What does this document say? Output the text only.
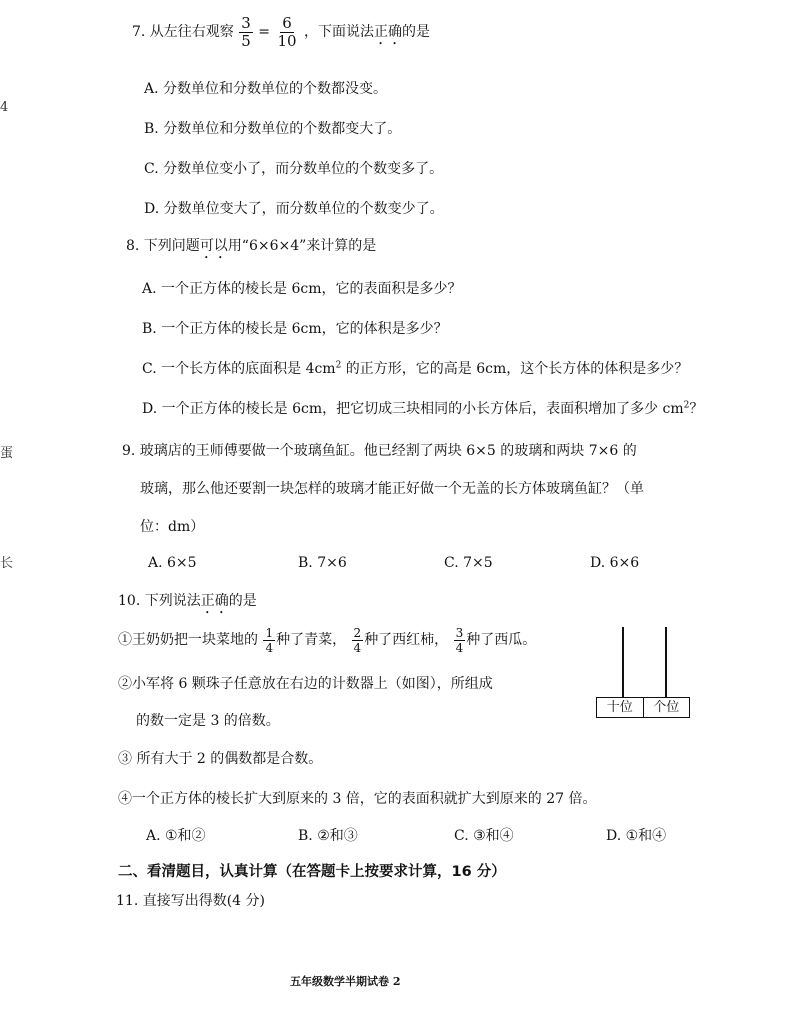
4
蛋
长
7. 从左往右观察 $\frac{3}{5} = \frac{6}{10}$ ，下面说法正确的是
A. 分数单位和分数单位的个数都没变。
B. 分数单位和分数单位的个数都变大了。
C. 分数单位变小了，而分数单位的个数变多了。
D. 分数单位变大了，而分数单位的个数变少了。
8. 下列问题可以用“6×6×4”来计算的是
A. 一个正方体的棱长是 6cm，它的表面积是多少？
B. 一个正方体的棱长是 6cm，它的体积是多少？
C. 一个长方体的底面积是 $4cm^2$ 的正方形，它的高是 6cm，这个长方体的体积是多少？
D. 一个正方体的棱长是 6cm，把它切成三块相同的小长方体后，表面积增加了多少 $cm^2$？
9. 玻璃店的王师傅要做一个玻璃鱼缸。他已经割了两块 6×5 的玻璃和两块 7×6 的
玻璃，那么他还要割一块怎样的玻璃才能正好做一个无盖的长方体玻璃鱼缸？（单
位：dm）
A. 6×5	B. 7×6	C. 7×5	D. 6×6
10. 下列说法正确的是
①王奶奶把一块菜地的 $\frac{1}{4}$ 种了青菜， $\frac{2}{4}$ 种了西红柿， $\frac{3}{4}$ 种了西瓜。
②小军将 6 颗珠子任意放在右边的计数器上（如图），所组成
的数一定是 3 的倍数。
③ 所有大于 2 的偶数都是合数。
④一个正方体的棱长扩大到原来的 3 倍，它的表面积就扩大到原来的 27 倍。
十位	个位
A. ①和②	B. ②和③	C. ③和④	D. ①和④
二、看清题目，认真计算（在答题卡上按要求计算，16 分）
11. 直接写出得数(4 分)
五年级数学半期试卷 2
